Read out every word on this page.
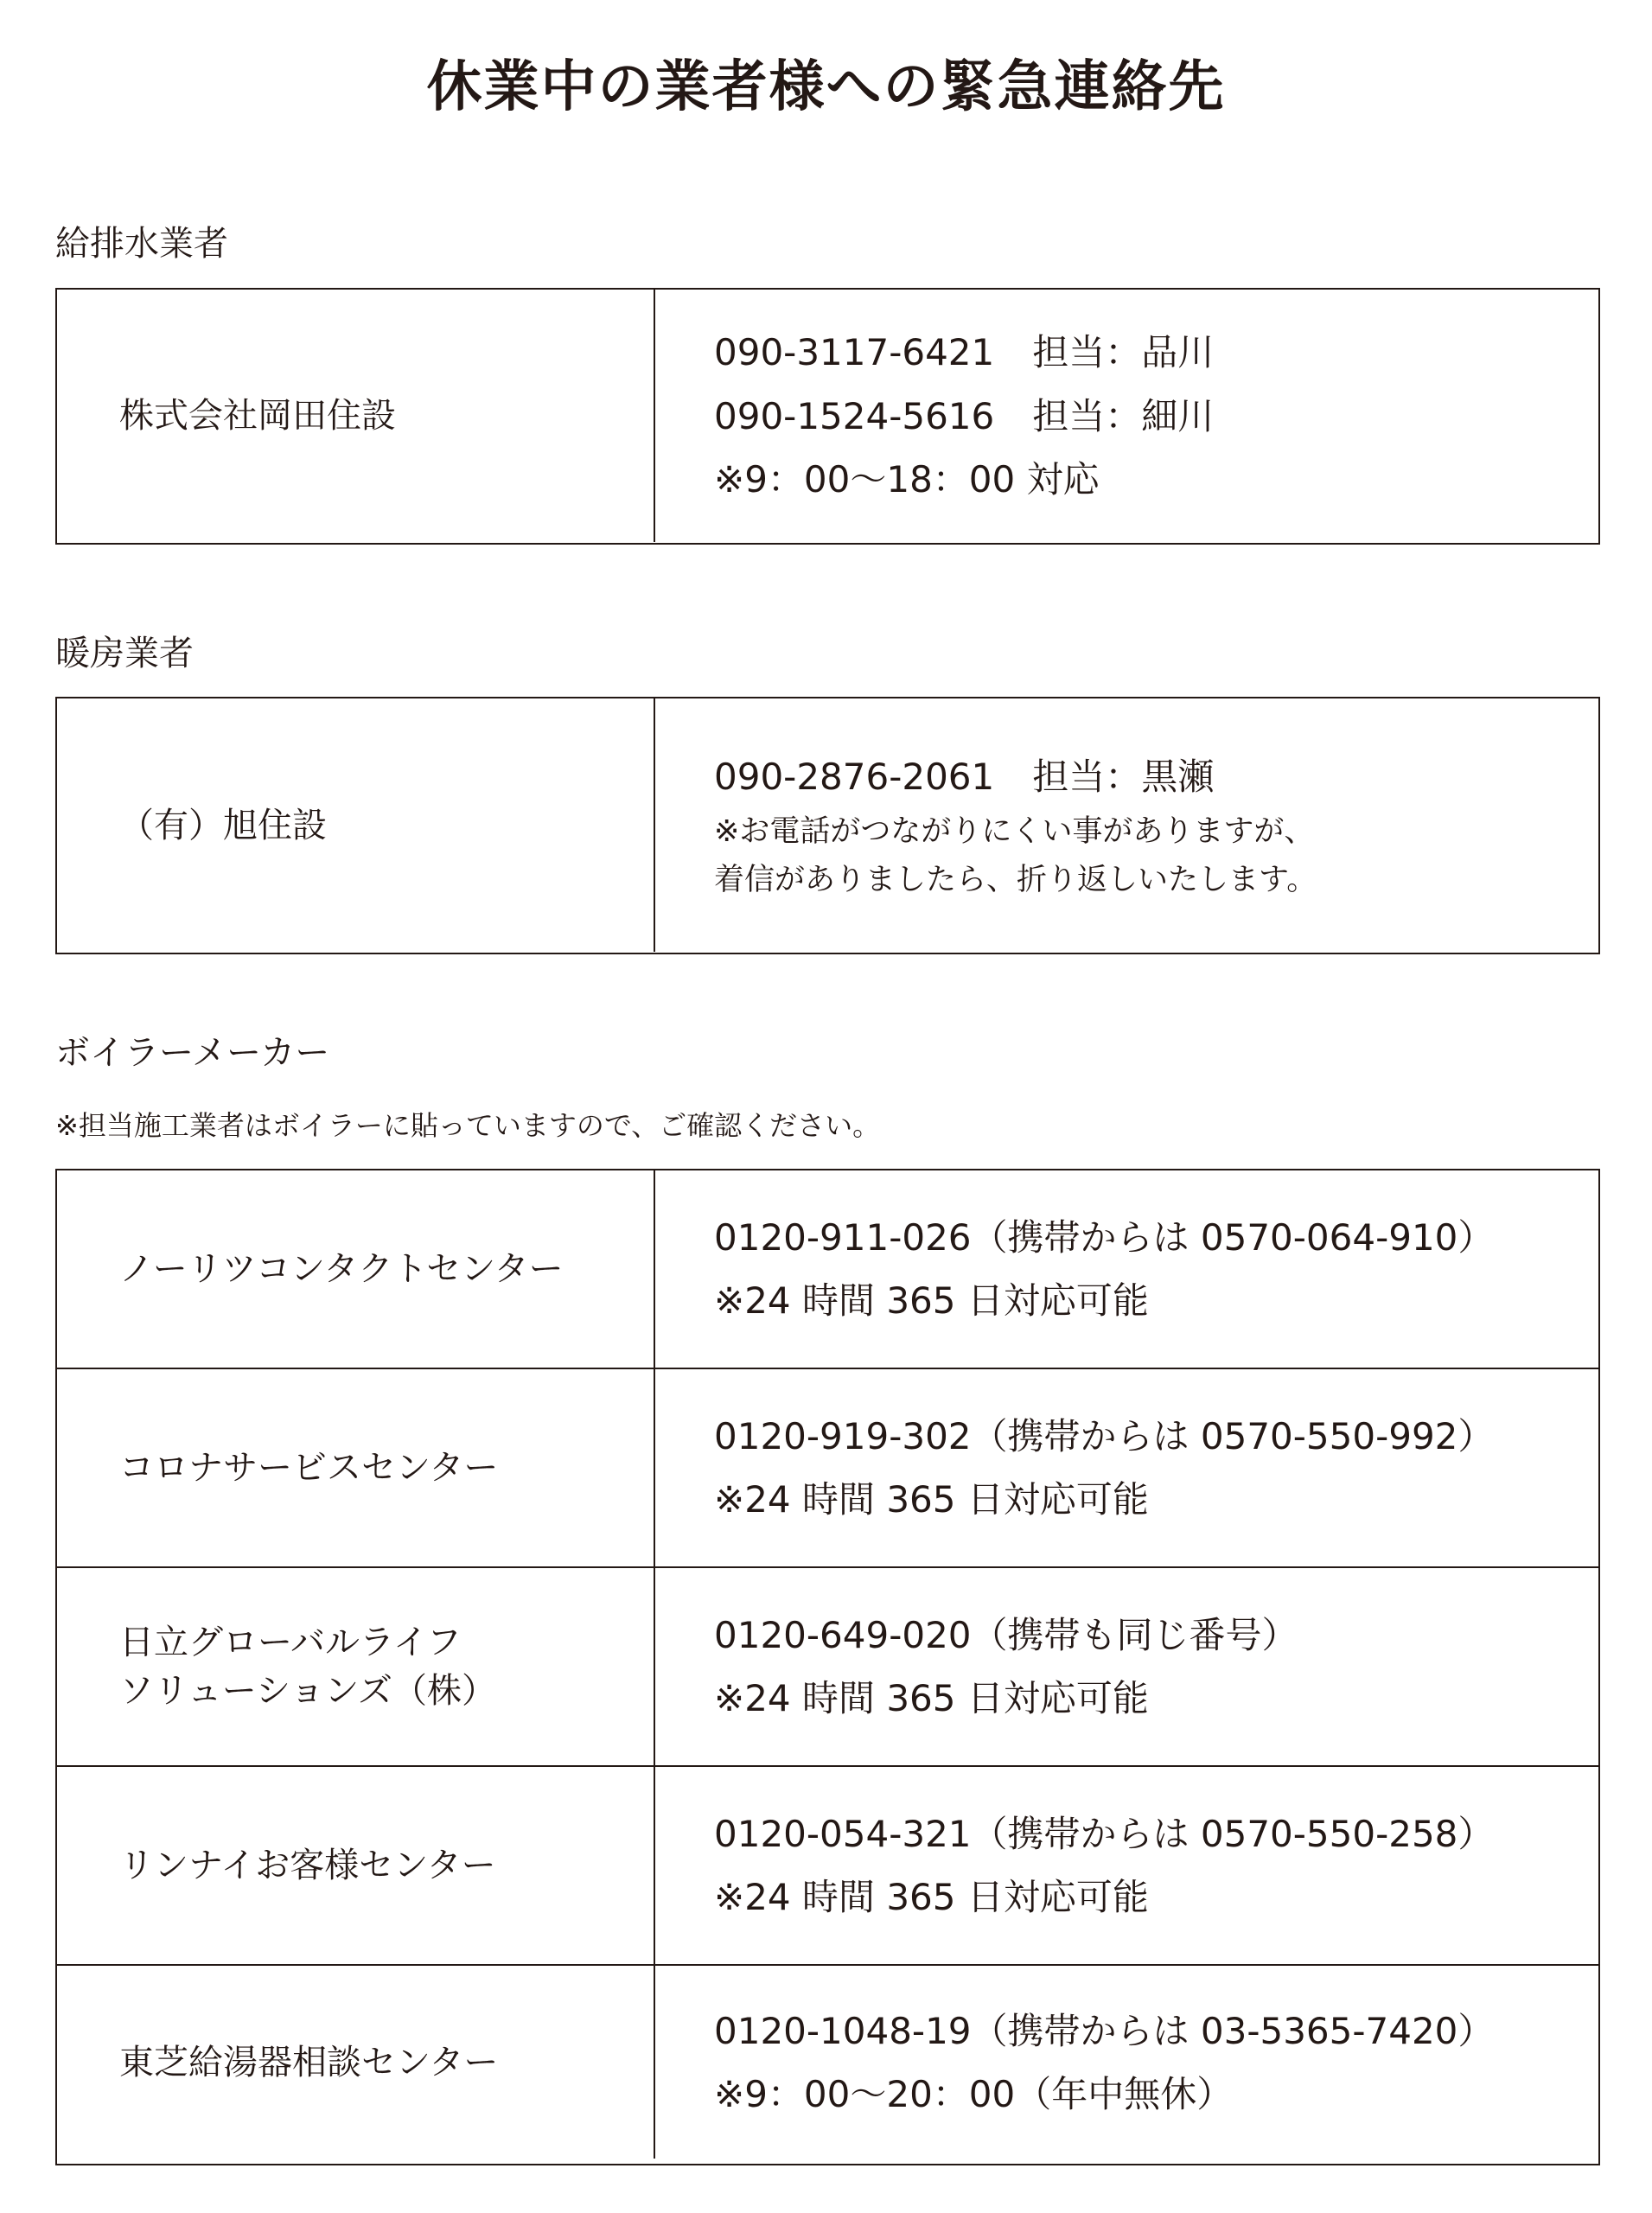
休業中の業者様への緊急連絡先
給排水業者
株式会社岡田住設
090-3117-6421 担当：品川
090-1524-5616 担当：細川
※9：00～18：00 対応
暖房業者
（有）旭住設
090-2876-2061 担当：黒瀬
※お電話がつながりにくい事がありますが、
着信がありましたら、折り返しいたします。
ボイラーメーカー
※担当施工業者はボイラーに貼っていますので、ご確認ください。
ノーリツコンタクトセンター
0120-911-026（携帯からは 0570-064-910）
※24 時間 365 日対応可能
コロナサービスセンター
0120-919-302（携帯からは 0570-550-992）
※24 時間 365 日対応可能
日立グローバルライフ
ソリューションズ（株）
0120-649-020（携帯も同じ番号）
※24 時間 365 日対応可能
リンナイお客様センター
0120-054-321（携帯からは 0570-550-258）
※24 時間 365 日対応可能
東芝給湯器相談センター
0120-1048-19（携帯からは 03-5365-7420）
※9：00～20：00（年中無休）
